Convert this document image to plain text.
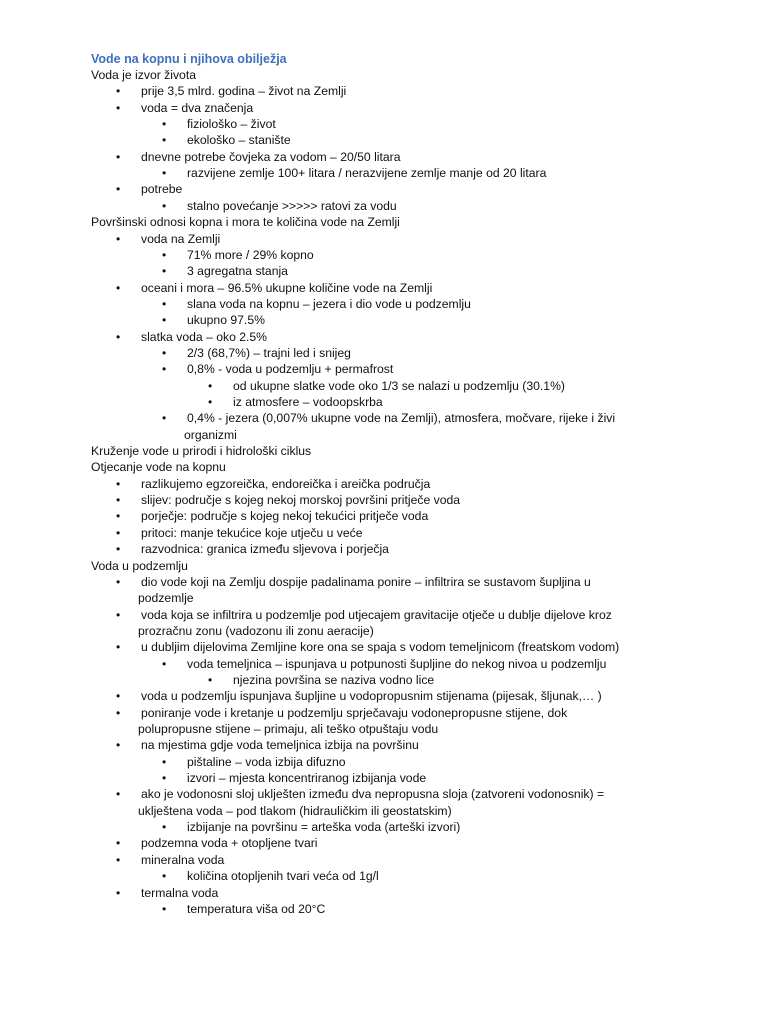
Vode na kopnu i njihova obilježja
Voda je izvor života
• prije 3,5 mlrd. godina – život na Zemlji
• voda = dva značenja
• fiziološko – život
• ekološko – stanište
• dnevne potrebe čovjeka za vodom – 20/50 litara
• razvijene zemlje 100+ litara / nerazvijene zemlje manje od 20 litara
• potrebe
• stalno povećanje >>>>> ratovi za vodu
Površinski odnosi kopna i mora te količina vode na Zemlji
• voda na Zemlji
• 71% more / 29% kopno
• 3 agregatna stanja
• oceani i mora – 96.5% ukupne količine vode na Zemlji
• slana voda na kopnu – jezera i dio vode u podzemlju
• ukupno 97.5%
• slatka voda – oko 2.5%
• 2/3 (68,7%) – trajni led i snijeg
• 0,8% - voda u podzemlju + permafrost
• od ukupne slatke vode oko 1/3 se nalazi u podzemlju (30.1%)
• iz atmosfere – vodoopskrba
• 0,4% - jezera (0,007% ukupne vode na Zemlji), atmosfera, močvare, rijeke i živi
organizmi
Kruženje vode u prirodi i hidrološki ciklus
Otjecanje vode na kopnu
• razlikujemo egzoreička, endoreička i areička područja
• slijev: područje s kojeg nekoj morskoj površini pritječe voda
• porječje: područje s kojeg nekoj tekućici pritječe voda
• pritoci: manje tekućice koje utječu u veće
• razvodnica: granica između sljevova i porječja
Voda u podzemlju
• dio vode koji na Zemlju dospije padalinama ponire – infiltrira se sustavom šupljina u
podzemlje
• voda koja se infiltrira u podzemlje pod utjecajem gravitacije otječe u dublje dijelove kroz
prozračnu zonu (vadozonu ili zonu aeracije)
• u dubljim dijelovima Zemljine kore ona se spaja s vodom temeljnicom (freatskom vodom)
• voda temeljnica – ispunjava u potpunosti šupljine do nekog nivoa u podzemlju
• njezina površina se naziva vodno lice
• voda u podzemlju ispunjava šupljine u vodopropusnim stijenama (pijesak, šljunak,… )
• poniranje vode i kretanje u podzemlju sprječavaju vodonepropusne stijene, dok
polupropusne stijene – primaju, ali teško otpuštaju vodu
• na mjestima gdje voda temeljnica izbija na površinu
• pištaline – voda izbija difuzno
• izvori – mjesta koncentriranog izbijanja vode
• ako je vodonosni sloj uklješten između dva nepropusna sloja (zatvoreni vodonosnik) =
uklještena voda – pod tlakom (hidrauličkim ili geostatskim)
• izbijanje na površinu = arteška voda (arteški izvori)
• podzemna voda + otopljene tvari
• mineralna voda
• količina otopljenih tvari veća od 1g/l
• termalna voda
• temperatura viša od 20°C
